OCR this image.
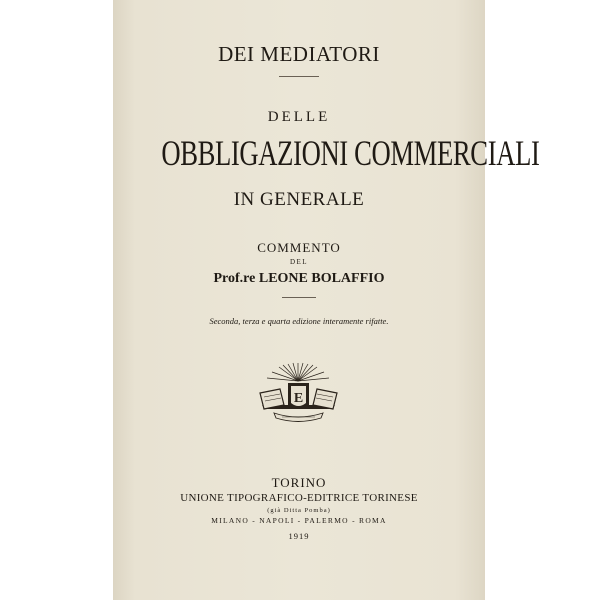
DEI MEDIATORI
DELLE
OBBLIGAZIONI COMMERCIALI
IN GENERALE
COMMENTO
DEL
Prof.re LEONE BOLAFFIO
Seconda, terza e quarta edizione interamente rifatte.
E
TORINO
UNIONE TIPOGRAFICO-EDITRICE TORINESE
(già Ditta Pomba)
MILANO - NAPOLI - PALERMO - ROMA
1919
